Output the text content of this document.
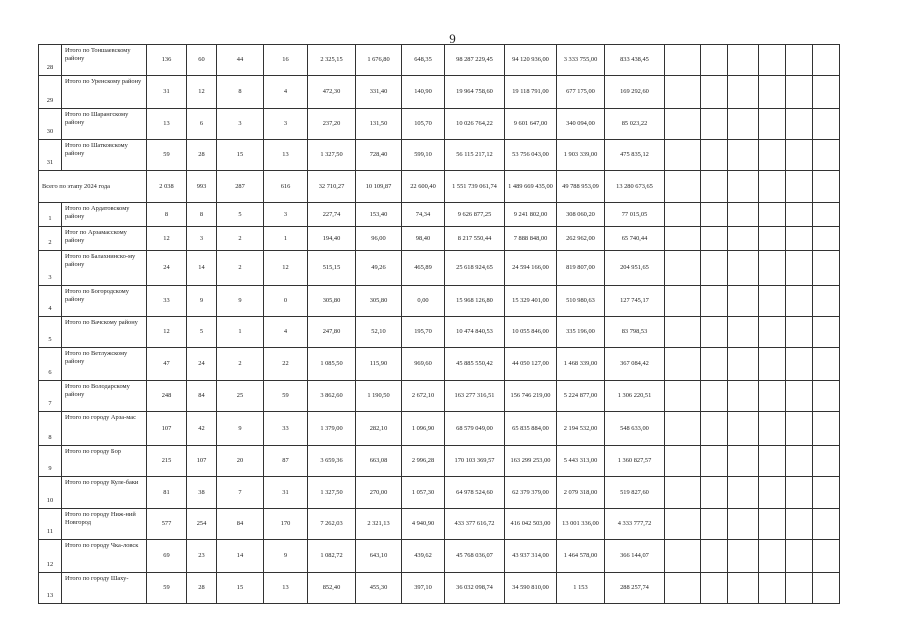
9
28	Итого по Тоншаевскому району	136	60	44	16	2 325,15	1 676,80	648,35	98 287 229,45	94 120 936,00	3 333 755,00	833 438,45						
29	Итого по Уренскому району	31	12	8	4	472,30	331,40	140,90	19 964 758,60	19 118 791,00	677 175,00	169 292,60						
30	Итого по Шарангскому району	13	6	3	3	237,20	131,50	105,70	10 026 764,22	9 601 647,00	340 094,00	85 023,22						
31	Итого по Шатковскому району	59	28	15	13	1 327,50	728,40	599,10	56 115 217,12	53 756 043,00	1 903 339,00	475 835,12						
Всего по этапу 2024 года		2 038	993	287	616	32 710,27	10 109,87	22 600,40	1 551 739 061,74	1 489 669 435,00	49 788 953,09	13 280 673,65						
1	Итого по Ардатовскому району	8	8	5	3	227,74	153,40	74,34	9 626 877,25	9 241 802,00	308 060,20	77 015,05						
2	Итог по Арзамасскому району	12	3	2	1	194,40	96,00	98,40	8 217 550,44	7 888 848,00	262 962,00	65 740,44						
3	Итого по Балахнинско-му району	24	14	2	12	515,15	49,26	465,89	25 618 924,65	24 594 166,00	819 807,00	204 951,65						
4	Итого по Богородскому району	33	9	9	0	305,80	305,80	0,00	15 968 126,80	15 329 401,00	510 980,63	127 745,17						
5	Итого по Вачскому району	12	5	1	4	247,80	52,10	195,70	10 474 840,53	10 055 846,00	335 196,00	83 798,53						
6	Итого по Ветлужскому району	47	24	2	22	1 085,50	115,90	969,60	45 885 550,42	44 050 127,00	1 468 339,00	367 084,42						
7	Итого по Володарскому району	248	84	25	59	3 862,60	1 190,50	2 672,10	163 277 316,51	156 746 219,00	5 224 877,00	1 306 220,51						
8	Итого по городу Арза-мас	107	42	9	33	1 379,00	282,10	1 096,90	68 579 049,00	65 835 884,00	2 194 532,00	548 633,00						
9	Итого по городу Бор	215	107	20	87	3 659,36	663,08	2 996,28	170 103 369,57	163 299 253,00	5 443 313,00	1 360 827,57						
10	Итого по городу Куле-баки	81	38	7	31	1 327,50	270,00	1 057,30	64 978 524,60	62 379 379,00	2 079 318,00	519 827,60						
11	Итого по городу Ниж-ний Новгород	577	254	84	170	7 262,03	2 321,13	4 940,90	433 377 616,72	416 042 503,00	13 001 336,00	4 333 777,72						
12	Итого по городу Чка-ловск	69	23	14	9	1 082,72	643,10	439,62	45 768 036,07	43 937 314,00	1 464 578,00	366 144,07						
13	Итого по городу Шаху-	59	28	15	13	852,40	455,30	397,10	36 032 098,74	34 590 810,00	1 153	288 257,74						
